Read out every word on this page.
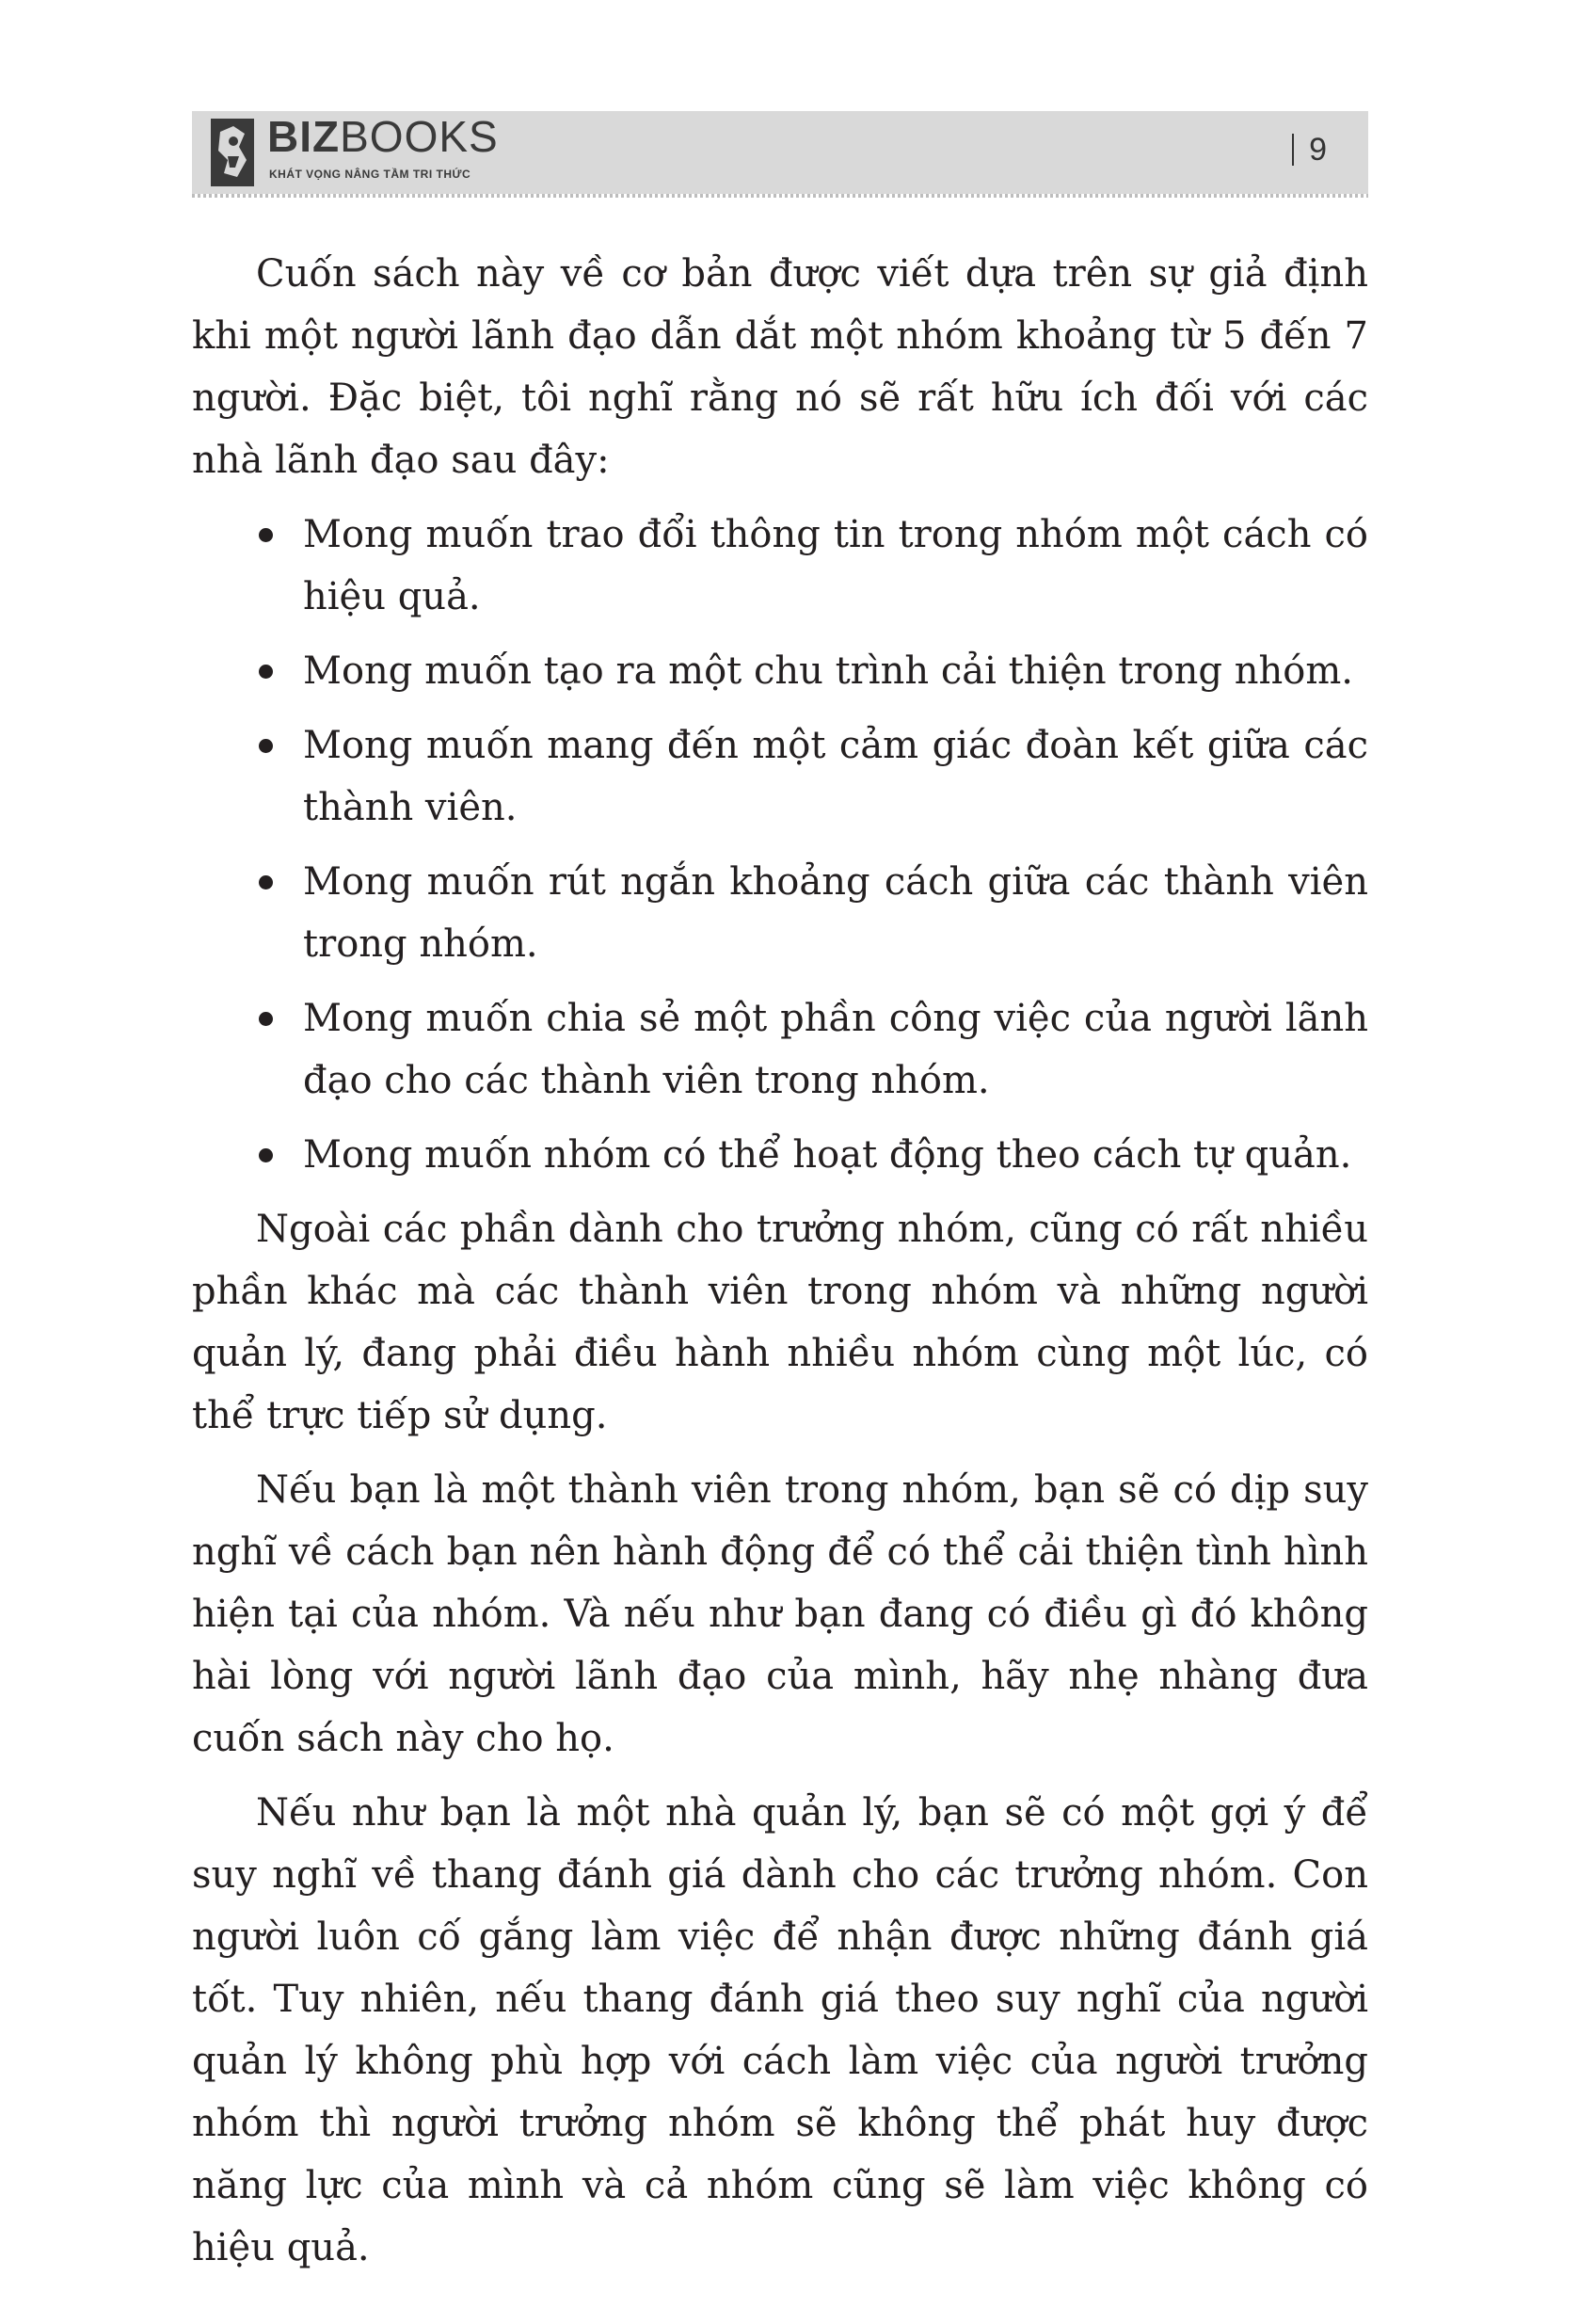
BIZBOOKS
KHÁT VỌNG NÂNG TẦM TRI THỨC
9

Cuốn sách này về cơ bản được viết dựa trên sự giả định khi một người lãnh đạo dẫn dắt một nhóm khoảng từ 5 đến 7 người. Đặc biệt, tôi nghĩ rằng nó sẽ rất hữu ích đối với các nhà lãnh đạo sau đây:

Mong muốn trao đổi thông tin trong nhóm một cách có hiệu quả.
Mong muốn tạo ra một chu trình cải thiện trong nhóm.
Mong muốn mang đến một cảm giác đoàn kết giữa các thành viên.
Mong muốn rút ngắn khoảng cách giữa các thành viên trong nhóm.
Mong muốn chia sẻ một phần công việc của người lãnh đạo cho các thành viên trong nhóm.
Mong muốn nhóm có thể hoạt động theo cách tự quản.

Ngoài các phần dành cho trưởng nhóm, cũng có rất nhiều phần khác mà các thành viên trong nhóm và những người quản lý, đang phải điều hành nhiều nhóm cùng một lúc, có thể trực tiếp sử dụng.

Nếu bạn là một thành viên trong nhóm, bạn sẽ có dịp suy nghĩ về cách bạn nên hành động để có thể cải thiện tình hình hiện tại của nhóm. Và nếu như bạn đang có điều gì đó không hài lòng với người lãnh đạo của mình, hãy nhẹ nhàng đưa cuốn sách này cho họ.

Nếu như bạn là một nhà quản lý, bạn sẽ có một gợi ý để suy nghĩ về thang đánh giá dành cho các trưởng nhóm. Con người luôn cố gắng làm việc để nhận được những đánh giá tốt. Tuy nhiên, nếu thang đánh giá theo suy nghĩ của người quản lý không phù hợp với cách làm việc của người trưởng nhóm thì người trưởng nhóm sẽ không thể phát huy được năng lực của mình và cả nhóm cũng sẽ làm việc không có hiệu quả.
